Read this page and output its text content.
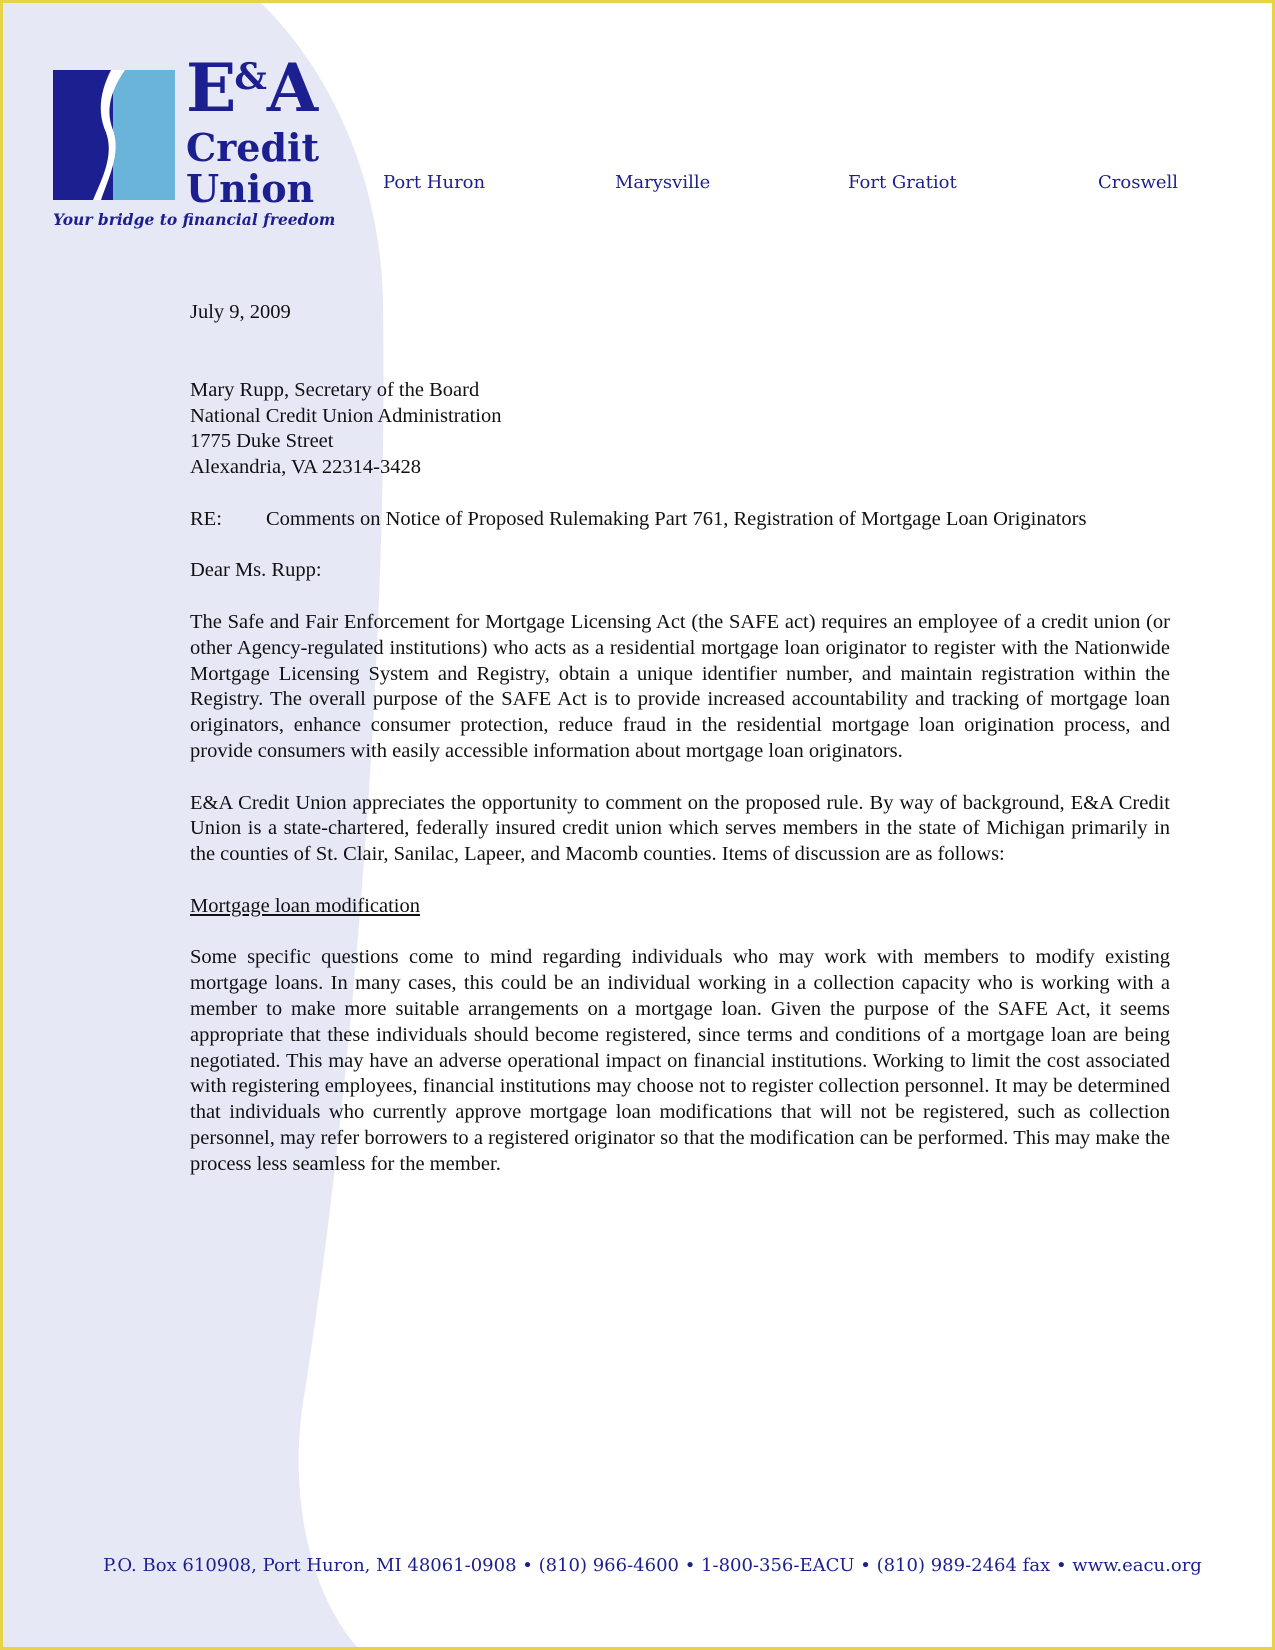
E&A
Credit
Union
Your bridge to financial freedom
Port Huron	Marysville	Fort Gratiot	Croswell

July 9, 2009

Mary Rupp, Secretary of the Board

National Credit Union Administration

1775 Duke Street

Alexandria, VA 22314-3428

RE: Comments on Notice of Proposed Rulemaking Part 761, Registration of Mortgage Loan Originators

Dear Ms. Rupp:

The Safe and Fair Enforcement for Mortgage Licensing Act (the SAFE act) requires an employee of a credit union (or other Agency-regulated institutions) who acts as a residential mortgage loan originator to register with the Nationwide Mortgage Licensing System and Registry, obtain a unique identifier number, and maintain registration within the Registry. The overall purpose of the SAFE Act is to provide increased accountability and tracking of mortgage loan originators, enhance consumer protection, reduce fraud in the residential mortgage loan origination process, and provide consumers with easily accessible information about mortgage loan originators.

E&A Credit Union appreciates the opportunity to comment on the proposed rule. By way of background, E&A Credit Union is a state-chartered, federally insured credit union which serves members in the state of Michigan primarily in the counties of St. Clair, Sanilac, Lapeer, and Macomb counties. Items of discussion are as follows:

Mortgage loan modification

Some specific questions come to mind regarding individuals who may work with members to modify existing mortgage loans. In many cases, this could be an individual working in a collection capacity who is working with a member to make more suitable arrangements on a mortgage loan. Given the purpose of the SAFE Act, it seems appropriate that these individuals should become registered, since terms and conditions of a mortgage loan are being negotiated. This may have an adverse operational impact on financial institutions. Working to limit the cost associated with registering employees, financial institutions may choose not to register collection personnel. It may be determined that individuals who currently approve mortgage loan modifications that will not be registered, such as collection personnel, may refer borrowers to a registered originator so that the modification can be performed. This may make the process less seamless for the member.

P.O. Box 610908, Port Huron, MI 48061-0908 • (810) 966-4600 • 1-800-356-EACU • (810) 989-2464 fax • www.eacu.org
